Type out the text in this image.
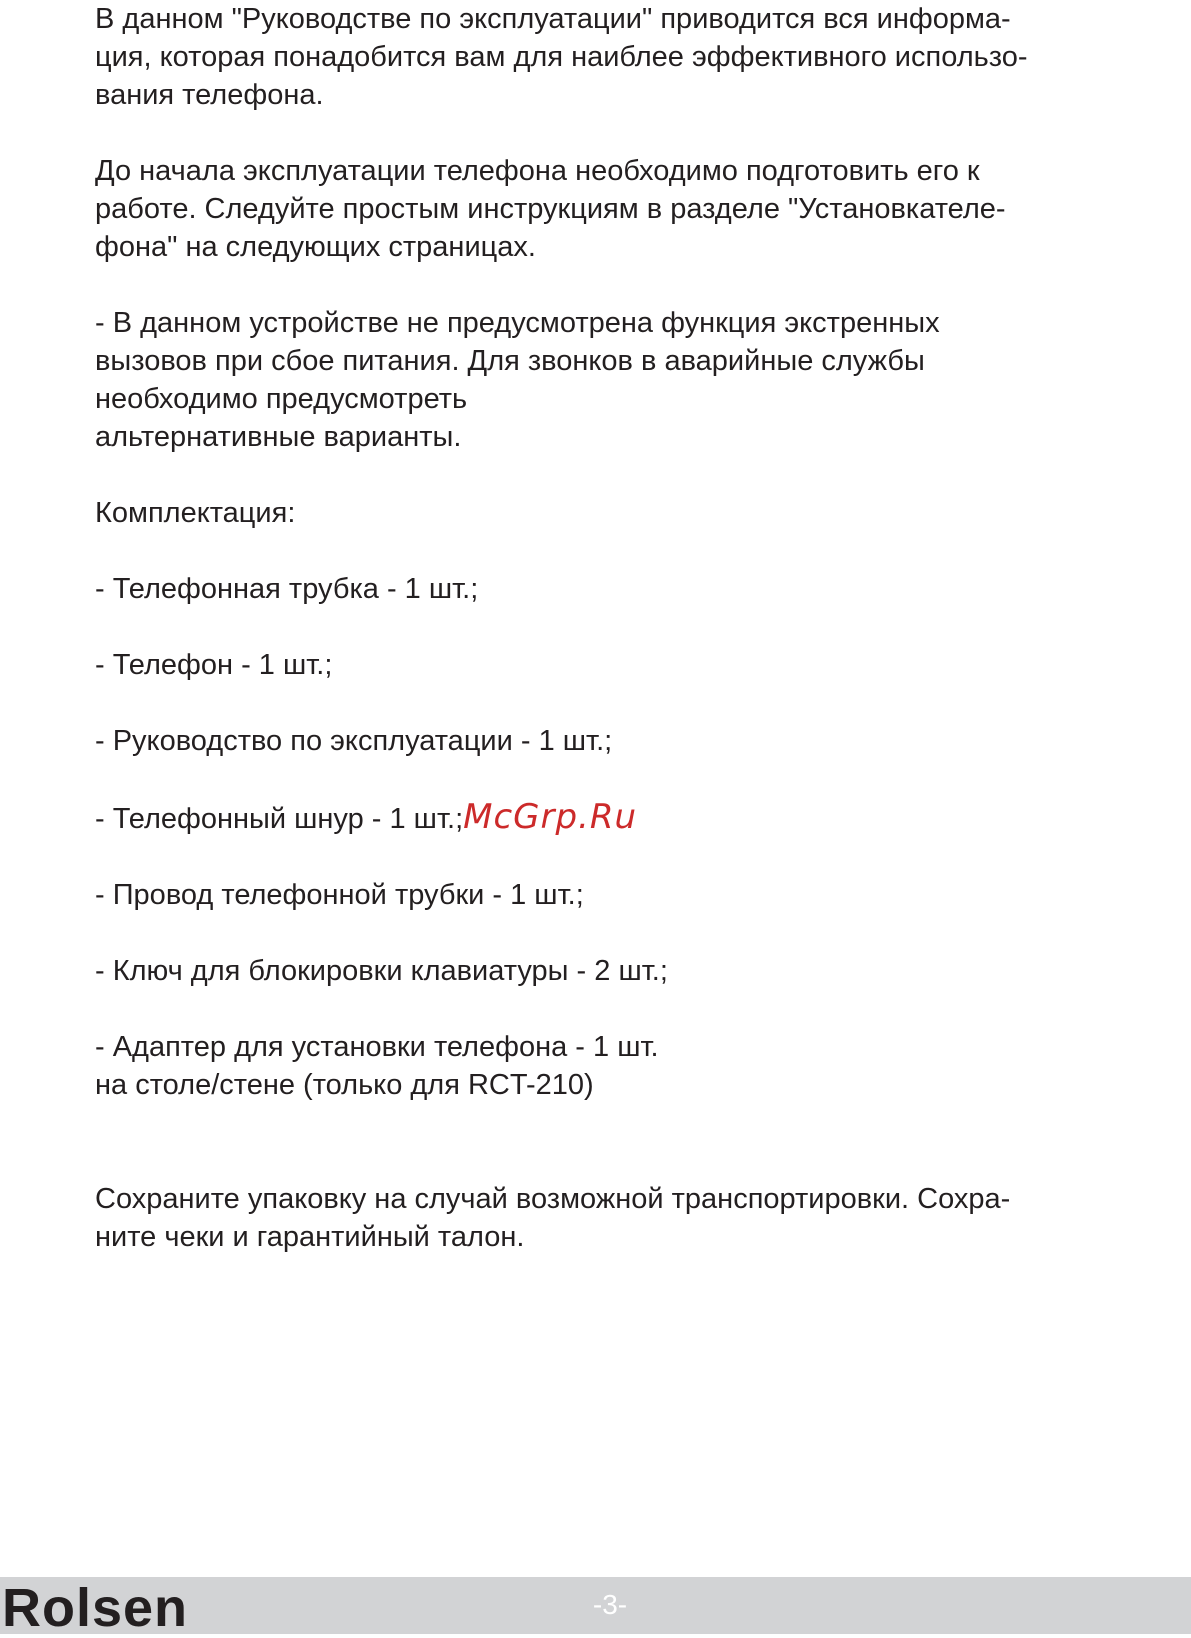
В данном "Руководстве по эксплуатации" приводится вся информа-
ция, которая понадобится вам для наиблее эффективного использо-
вания телефона.

До начала эксплуатации телефона необходимо подготовить его к
работе. Следуйте простым инструкциям в разделе "Установкателе-
фона" на следующих страницах.

- В данном устройстве не предусмотрена функция экстренных
вызовов при сбое питания. Для звонков в аварийные службы
необходимо предусмотреть
альтернативные варианты.

Комплектация:

- Телефонная трубка - 1 шт.;

- Телефон - 1 шт.;

- Руководство по эксплуатации - 1 шт.;

- Телефонный шнур - 1 шт.;McGrp.Ru

- Провод телефонной трубки - 1 шт.;

- Ключ для блокировки клавиатуры - 2 шт.;

- Адаптер для установки телефона - 1 шт.
на столе/стене (только для RCT-210)

Сохраните упаковку на случай возможной транспортировки. Сохра-
ните чеки и гарантийный талон.

Rolsen	-3-
